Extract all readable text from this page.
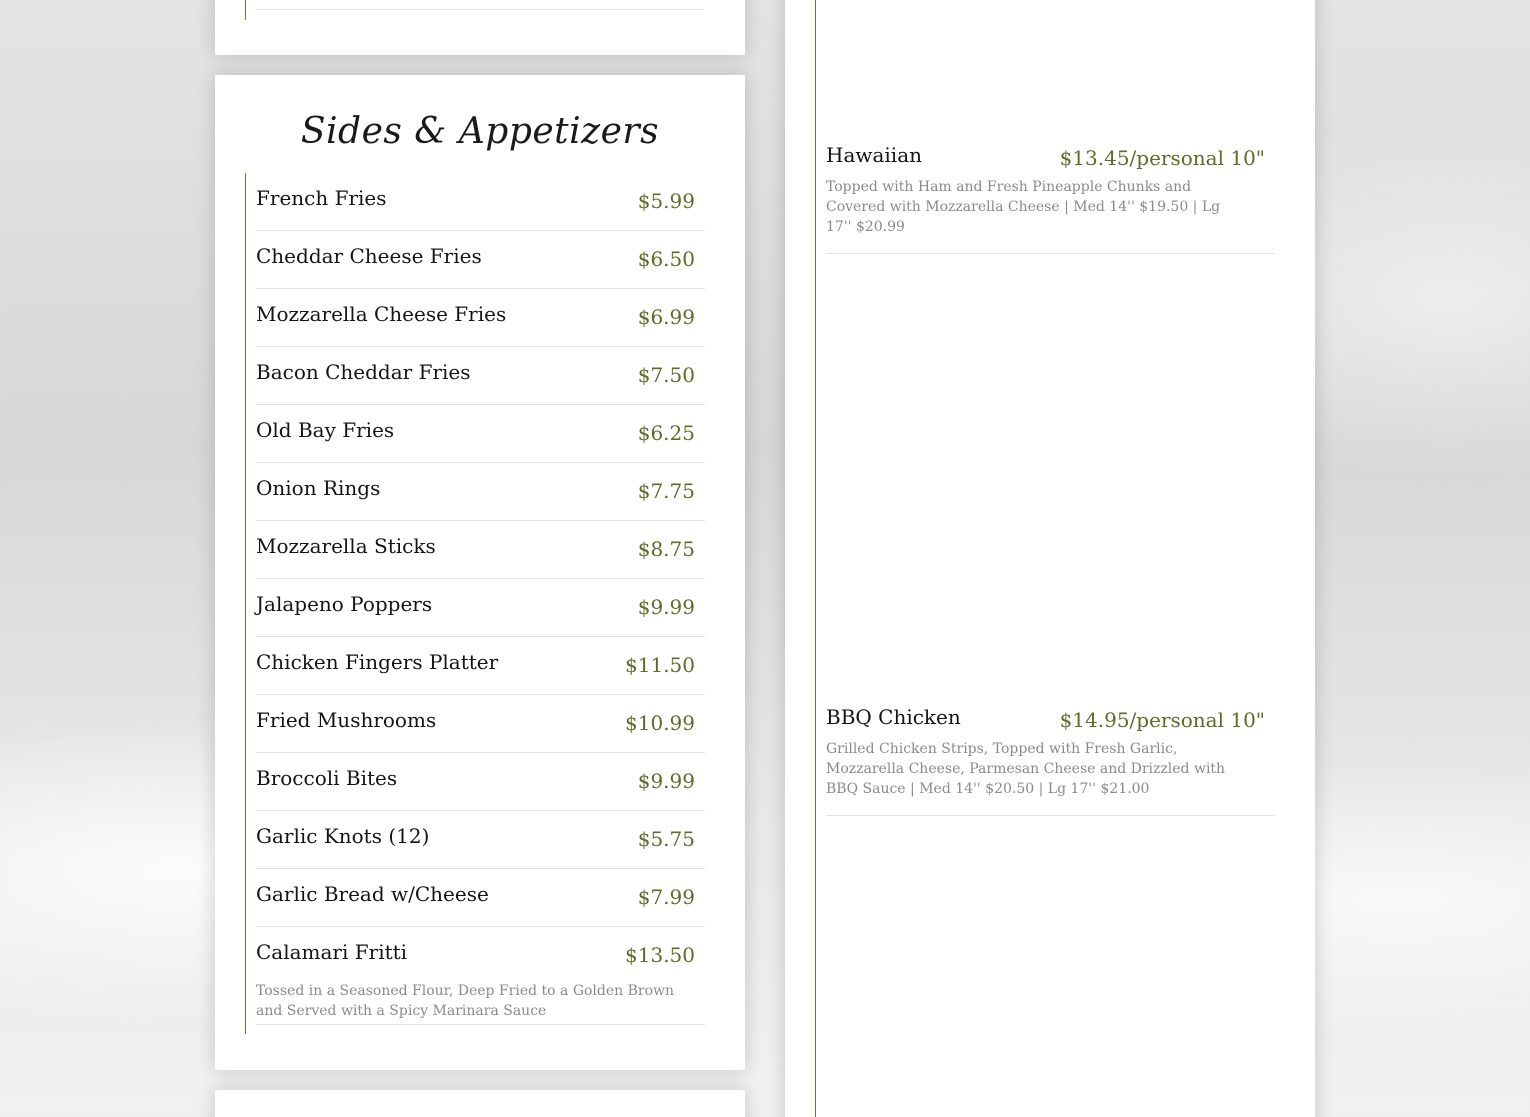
Sides & Appetizers
French Fries	$5.99
Cheddar Cheese Fries	$6.50
Mozzarella Cheese Fries	$6.99
Bacon Cheddar Fries	$7.50
Old Bay Fries	$6.25
Onion Rings	$7.75
Mozzarella Sticks	$8.75
Jalapeno Poppers	$9.99
Chicken Fingers Platter	$11.50
Fried Mushrooms	$10.99
Broccoli Bites	$9.99
Garlic Knots (12)	$5.75
Garlic Bread w/Cheese	$7.99
Calamari Fritti	$13.50
Tossed in a Seasoned Flour, Deep Fried to a Golden Brown and Served with a Spicy Marinara Sauce
Hawaiian	$13.45/personal 10"
Topped with Ham and Fresh Pineapple Chunks and Covered with Mozzarella Cheese | Med 14'' $19.50 | Lg 17'' $20.99
BBQ Chicken	$14.95/personal 10"
Grilled Chicken Strips, Topped with Fresh Garlic, Mozzarella Cheese, Parmesan Cheese and Drizzled with BBQ Sauce | Med 14'' $20.50 | Lg 17'' $21.00
